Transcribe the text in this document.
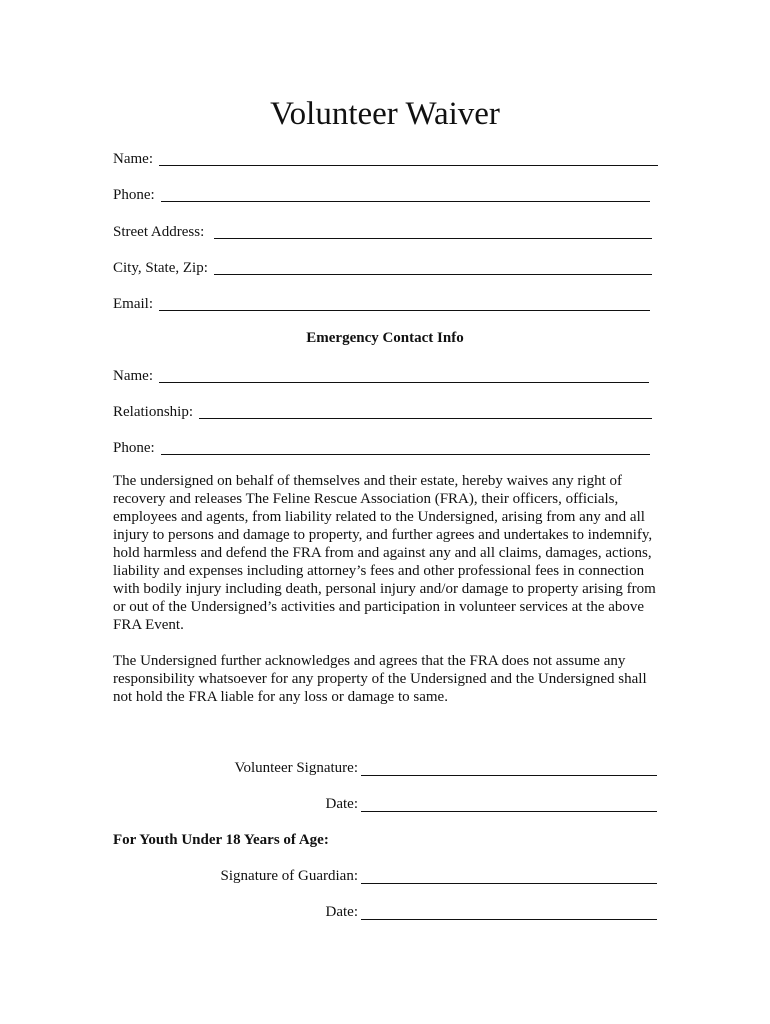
Volunteer Waiver
Name:
Phone:
Street Address:
City, State, Zip:
Email:
Emergency Contact Info
Name:
Relationship:
Phone:

The undersigned on behalf of themselves and their estate, hereby waives any right of recovery and releases The Feline Rescue Association (FRA), their officers, officials, employees and agents, from liability related to the Undersigned, arising from any and all injury to persons and damage to property, and further agrees and undertakes to indemnify, hold harmless and defend the FRA from and against any and all claims, damages, actions, liability and expenses including attorney’s fees and other professional fees in connection with bodily injury including death, personal injury and/or damage to property arising from or out of the Undersigned’s activities and participation in volunteer services at the above FRA Event.

The Undersigned further acknowledges and agrees that the FRA does not assume any responsibility whatsoever for any property of the Undersigned and the Undersigned shall not hold the FRA liable for any loss or damage to same.

Volunteer Signature:
Date:
For Youth Under 18 Years of Age:
Signature of Guardian:
Date:
